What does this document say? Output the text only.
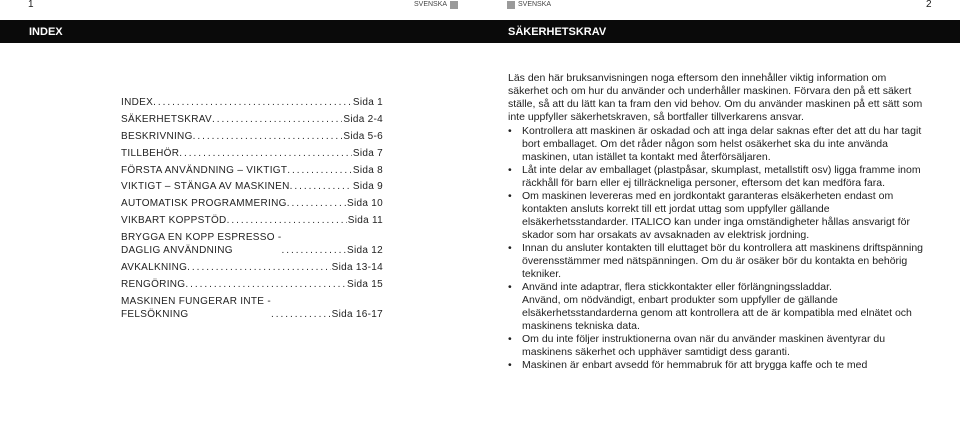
1	SVENSKA	SVENSKA	2
INDEX	SÄKERHETSKRAV
INDEX . . .	Sida 1
SÄKERHETSKRAV . . .	Sida 2-4
BESKRIVNING . . .	Sida 5-6
TILLBEHÖR . . .	Sida 7
FÖRSTA ANVÄNDNING – VIKTIGT . . .	Sida 8
VIKTIGT – STÄNGA AV MASKINEN . . .	Sida 9
AUTOMATISK PROGRAMMERING . . .	Sida 10
VIKBART KOPPSTÖD . . .	Sida 11
BRYGGA EN KOPP ESPRESSO -
DAGLIG ANVÄNDNING . . .	Sida 12
AVKALKNING . . .	Sida 13-14
RENGÖRING . . .	Sida 15
MASKINEN FUNGERAR INTE -
FELSÖKNING . . .	Sida 16-17

Läs den här bruksanvisningen noga eftersom den innehåller viktig information om säkerhet och om hur du använder och underhåller maskinen. Förvara den på ett säkert ställe, så att du lätt kan ta fram den vid behov. Om du använder maskinen på ett sätt som inte uppfyller säkerhetskraven, så bortfaller tillverkarens ansvar.

• Kontrollera att maskinen är oskadad och att inga delar saknas efter det att du har tagit bort emballaget. Om det råder någon som helst osäkerhet ska du inte använda maskinen, utan istället ta kontakt med återförsäljaren.

• Låt inte delar av emballaget (plastpåsar, skumplast, metallstift osv) ligga framme inom räckhåll för barn eller ej tillräckneliga personer, eftersom det kan medföra fara.

• Om maskinen levereras med en jordkontakt garanteras elsäkerheten endast om kontakten ansluts korrekt till ett jordat uttag som uppfyller gällande elsäkerhetsstandarder. ITALICO kan under inga omständigheter hållas ansvarigt för skador som har orsakats av avsaknaden av elektrisk jordning.

• Innan du ansluter kontakten till eluttaget bör du kontrollera att maskinens driftspänning överensstämmer med nätspänningen. Om du är osäker bör du kontakta en behörig tekniker.

• Använd inte adaptrar, flera stickkontakter eller förlängningssladdar.

Använd, om nödvändigt, enbart produkter som uppfyller de gällande elsäkerhetsstandarderna genom att kontrollera att de är kompatibla med elnätet och maskinens tekniska data.

• Om du inte följer instruktionerna ovan när du använder maskinen äventyrar du maskinens säkerhet och upphäver samtidigt dess garanti.

• Maskinen är enbart avsedd för hemmabruk för att brygga kaffe och te med
